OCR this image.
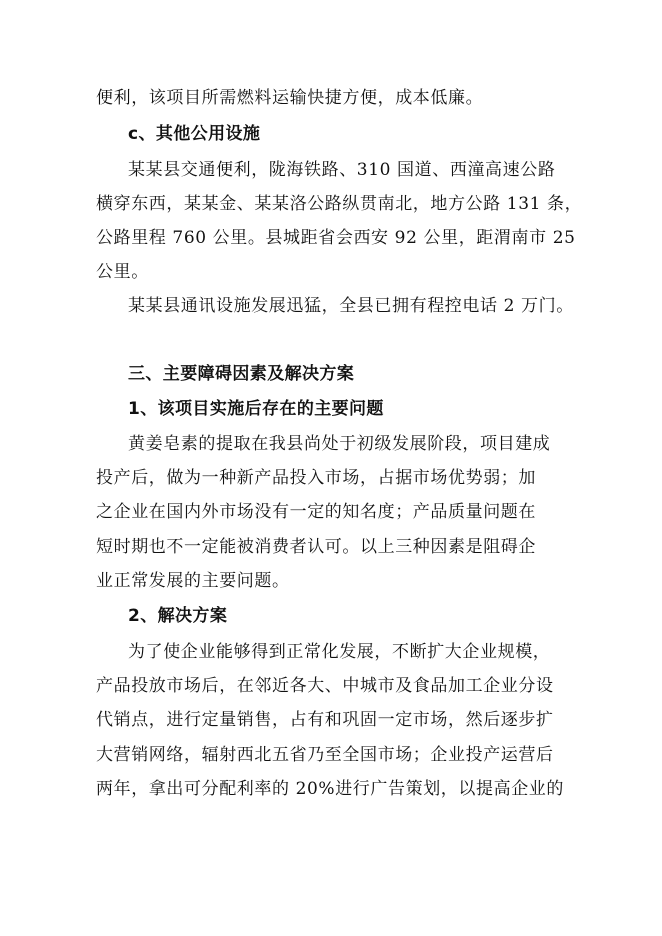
便利，该项目所需燃料运输快捷方便，成本低廉。
c、其他公用设施
某某县交通便利，陇海铁路、310 国道、西潼高速公路
横穿东西，某某金、某某洛公路纵贯南北，地方公路 131 条，
公路里程 760 公里。县城距省会西安 92 公里，距渭南市 25
公里。
某某县通讯设施发展迅猛，全县已拥有程控电话 2 万门。
三、主要障碍因素及解决方案
1、该项目实施后存在的主要问题
黄姜皂素的提取在我县尚处于初级发展阶段，项目建成
投产后，做为一种新产品投入市场，占据市场优势弱；加
之企业在国内外市场没有一定的知名度；产品质量问题在
短时期也不一定能被消费者认可。以上三种因素是阻碍企
业正常发展的主要问题。
2、解决方案
为了使企业能够得到正常化发展，不断扩大企业规模，
产品投放市场后，在邻近各大、中城市及食品加工企业分设
代销点，进行定量销售，占有和巩固一定市场，然后逐步扩
大营销网络，辐射西北五省乃至全国市场；企业投产运营后
两年，拿出可分配利率的 20%进行广告策划，以提高企业的
